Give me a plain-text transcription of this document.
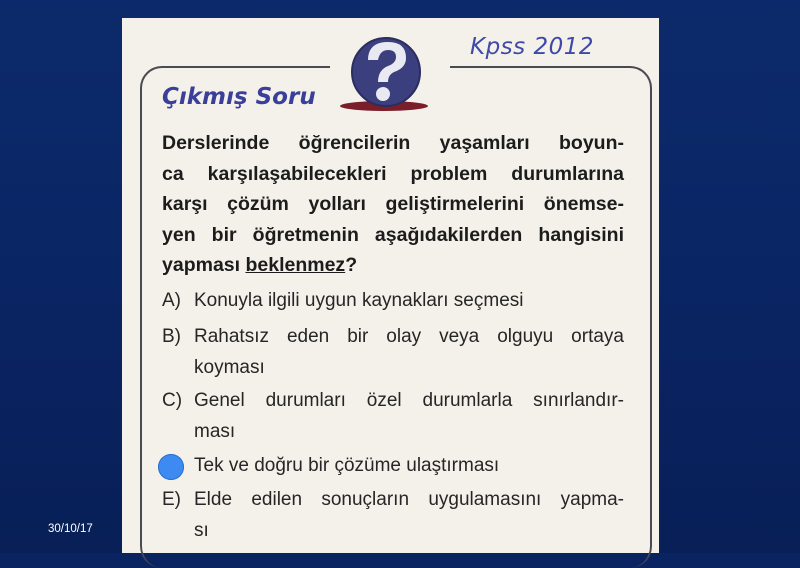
Kpss 2012
Çıkmış Soru
Derslerinde öğrencilerin yaşamları boyun-
ca karşılaşabilecekleri problem durumlarına
karşı çözüm yolları geliştirmelerini önemse-
yen bir öğretmenin aşağıdakilerden hangisini
yapması beklenmez?
A) Konuyla ilgili uygun kaynakları seçmesi
B) Rahatsız eden bir olay veya olguyu ortaya
koyması
C) Genel durumları özel durumlarla sınırlandır-
ması
Tek ve doğru bir çözüme ulaştırması
E) Elde edilen sonuçların uygulamasını yapma-
sı
30/10/17
